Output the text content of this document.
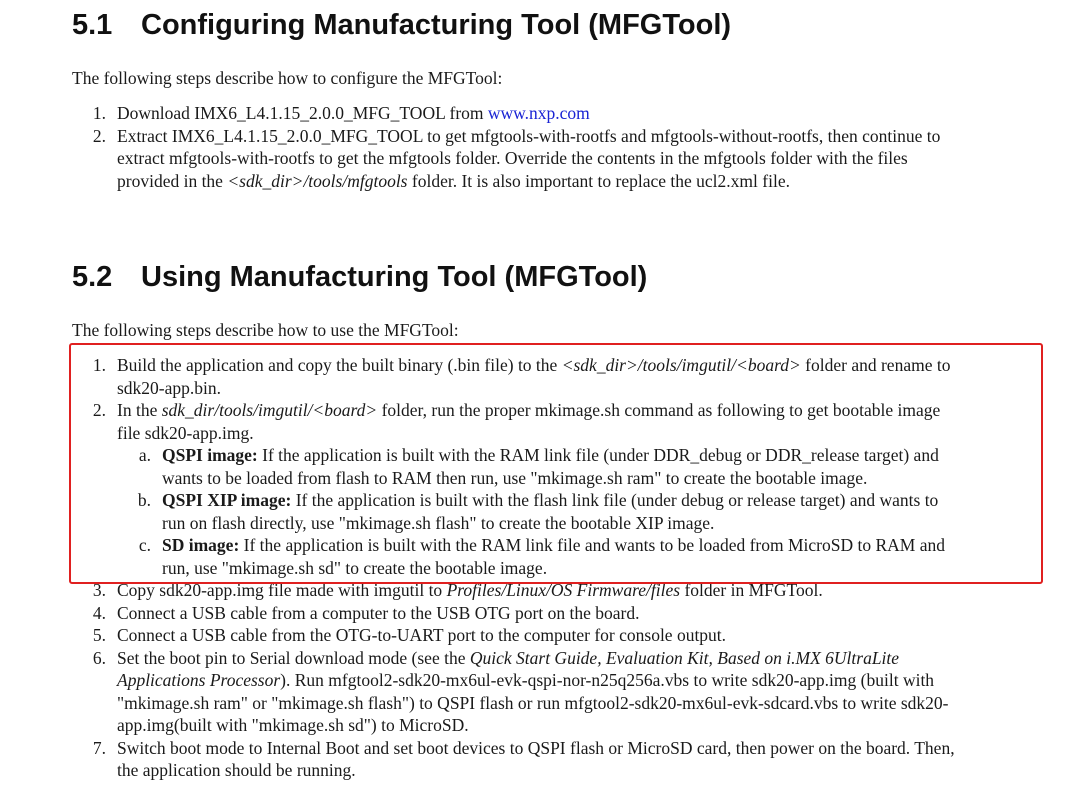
5.1 Configuring Manufacturing Tool (MFGTool)

The following steps describe how to configure the MFGTool:

1. Download IMX6_L4.1.15_2.0.0_MFG_TOOL from www.nxp.com
2. Extract IMX6_L4.1.15_2.0.0_MFG_TOOL to get mfgtools-with-rootfs and mfgtools-without-rootfs, then continue to
extract mfgtools-with-rootfs to get the mfgtools folder. Override the contents in the mfgtools folder with the files
provided in the <sdk_dir>/tools/mfgtools folder. It is also important to replace the ucl2.xml file.
5.2 Using Manufacturing Tool (MFGTool)

The following steps describe how to use the MFGTool:

1. Build the application and copy the built binary (.bin file) to the <sdk_dir>/tools/imgutil/<board> folder and rename to
sdk20-app.bin.
2. In the sdk_dir/tools/imgutil/<board> folder, run the proper mkimage.sh command as following to get bootable image
file sdk20-app.img.
a. QSPI image: If the application is built with the RAM link file (under DDR_debug or DDR_release target) and
wants to be loaded from flash to RAM then run, use "mkimage.sh ram" to create the bootable image.
b. QSPI XIP image: If the application is built with the flash link file (under debug or release target) and wants to
run on flash directly, use "mkimage.sh flash" to create the bootable XIP image.
c. SD image: If the application is built with the RAM link file and wants to be loaded from MicroSD to RAM and
run, use "mkimage.sh sd" to create the bootable image.
3. Copy sdk20-app.img file made with imgutil to Profiles/Linux/OS Firmware/files folder in MFGTool.
4. Connect a USB cable from a computer to the USB OTG port on the board.
5. Connect a USB cable from the OTG-to-UART port to the computer for console output.
6. Set the boot pin to Serial download mode (see the Quick Start Guide, Evaluation Kit, Based on i.MX 6UltraLite
Applications Processor). Run mfgtool2-sdk20-mx6ul-evk-qspi-nor-n25q256a.vbs to write sdk20-app.img (built with
"mkimage.sh ram" or "mkimage.sh flash") to QSPI flash or run mfgtool2-sdk20-mx6ul-evk-sdcard.vbs to write sdk20-
app.img(built with "mkimage.sh sd") to MicroSD.
7. Switch boot mode to Internal Boot and set boot devices to QSPI flash or MicroSD card, then power on the board. Then,
the application should be running.
